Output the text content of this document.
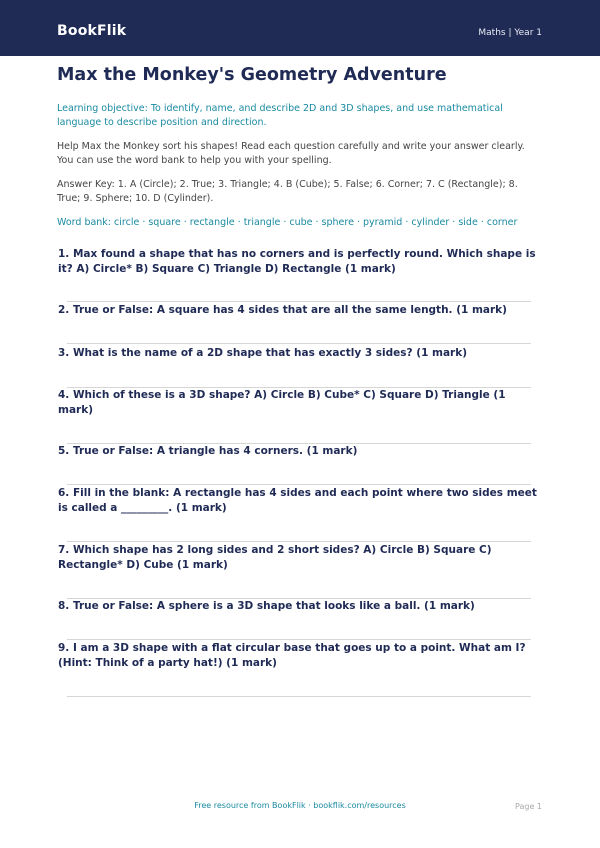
BookFlik	Maths | Year 1
Max the Monkey's Geometry Adventure
Learning objective: To identify, name, and describe 2D and 3D shapes, and use mathematical language to describe position and direction.
Help Max the Monkey sort his shapes! Read each question carefully and write your answer clearly. You can use the word bank to help you with your spelling.
Answer Key: 1. A (Circle); 2. True; 3. Triangle; 4. B (Cube); 5. False; 6. Corner; 7. C (Rectangle); 8. True; 9. Sphere; 10. D (Cylinder).
Word bank: circle · square · rectangle · triangle · cube · sphere · pyramid · cylinder · side · corner
1. Max found a shape that has no corners and is perfectly round. Which shape is it? A) Circle* B) Square C) Triangle D) Rectangle (1 mark)
2. True or False: A square has 4 sides that are all the same length. (1 mark)
3. What is the name of a 2D shape that has exactly 3 sides? (1 mark)
4. Which of these is a 3D shape? A) Circle B) Cube* C) Square D) Triangle (1 mark)
5. True or False: A triangle has 4 corners. (1 mark)
6. Fill in the blank: A rectangle has 4 sides and each point where two sides meet is called a _________. (1 mark)
7. Which shape has 2 long sides and 2 short sides? A) Circle B) Square C) Rectangle* D) Cube (1 mark)
8. True or False: A sphere is a 3D shape that looks like a ball. (1 mark)
9. I am a 3D shape with a flat circular base that goes up to a point. What am I? (Hint: Think of a party hat!) (1 mark)
Free resource from BookFlik · bookflik.com/resources	Page 1
